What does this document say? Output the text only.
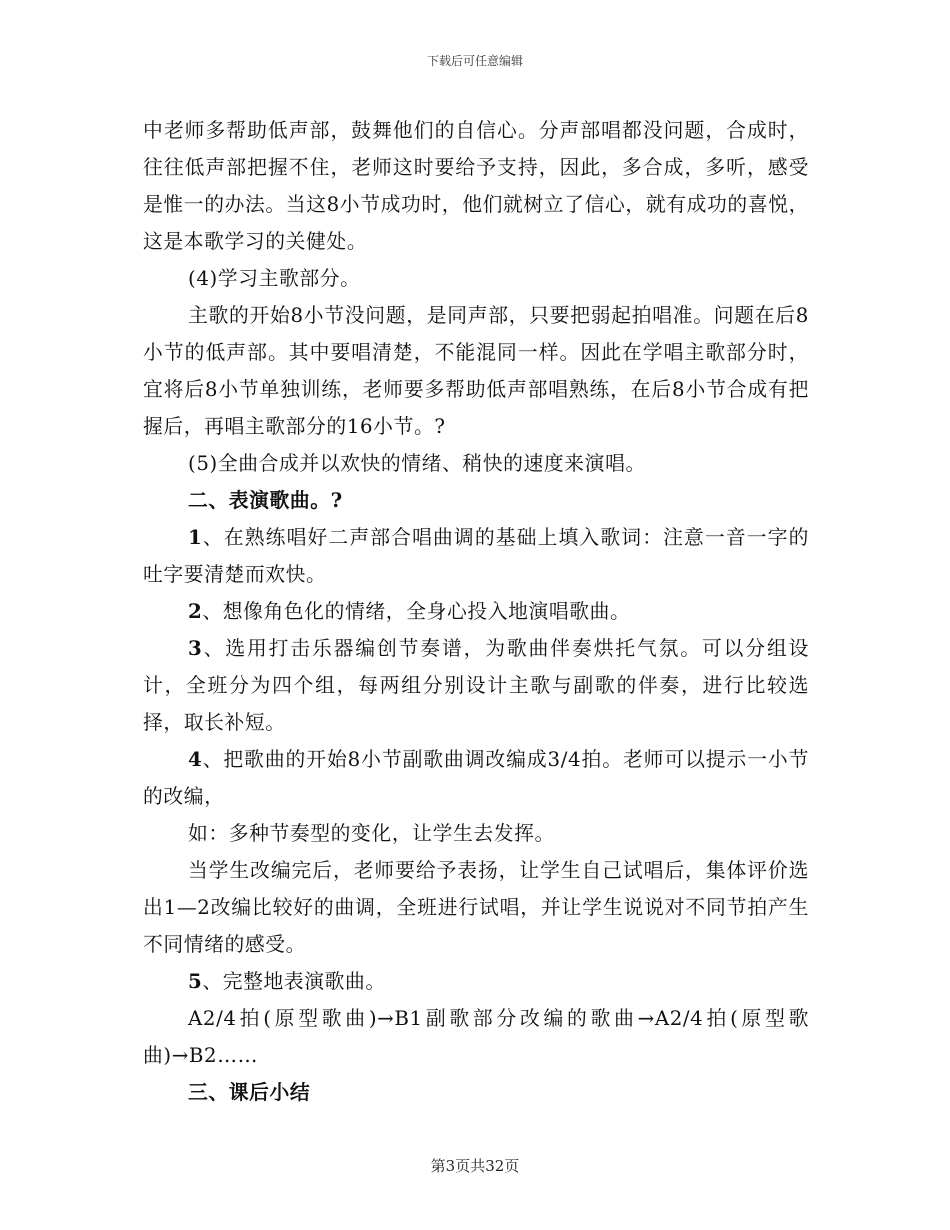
下载后可任意编辑

中老师多帮助低声部，鼓舞他们的自信心。分声部唱都没问题，合成时，往往低声部把握不住，老师这时要给予支持，因此，多合成，多听，感受是惟一的办法。当这8小节成功时，他们就树立了信心，就有成功的喜悦，这是本歌学习的关健处。

(4)学习主歌部分。

主歌的开始8小节没问题，是同声部，只要把弱起拍唱准。问题在后8小节的低声部。其中要唱清楚，不能混同一样。因此在学唱主歌部分时，宜将后8小节单独训练，老师要多帮助低声部唱熟练，在后8小节合成有把握后，再唱主歌部分的16小节。?

(5)全曲合成并以欢快的情绪、稍快的速度来演唱。

二、表演歌曲。?

1、在熟练唱好二声部合唱曲调的基础上填入歌词：注意一音一字的吐字要清楚而欢快。

2、想像角色化的情绪，全身心投入地演唱歌曲。

3、选用打击乐器编创节奏谱，为歌曲伴奏烘托气氛。可以分组设计，全班分为四个组，每两组分别设计主歌与副歌的伴奏，进行比较选择，取长补短。

4、把歌曲的开始8小节副歌曲调改编成3/4拍。老师可以提示一小节的改编，

如：多种节奏型的变化，让学生去发挥。

当学生改编完后，老师要给予表扬，让学生自己试唱后，集体评价选出1—2改编比较好的曲调，全班进行试唱，并让学生说说对不同节拍产生不同情绪的感受。

5、完整地表演歌曲。

A2/4拍(原型歌曲)→B1副歌部分改编的歌曲→A2/4拍(原型歌曲)→B2……

三、课后小结

第3页共32页
